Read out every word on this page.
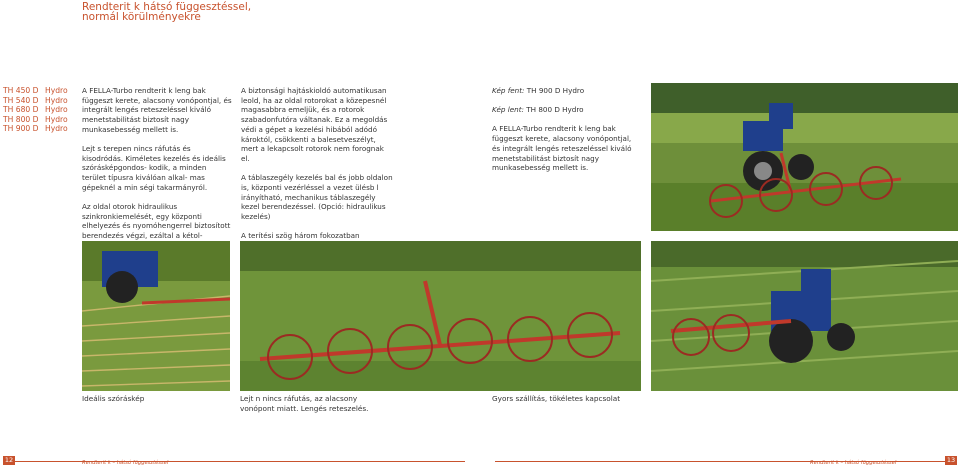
Rendterit k hátsó függesztéssel,
normál körülményekre
TH 450 D Hydro
TH 540 D Hydro
TH 680 D Hydro
TH 800 D Hydro
TH 900 D Hydro

A FELLA-Turbo rendterit k leng bak függeszt kerete, alacsony vonópontjal, és integrált lengés reteszeléssel kiváló menetstabilitást biztosít nagy munkasebesség mellett is.

Lejt s terepen nincs ráfutás és kisodródás. Kiméletes kezelés és ideális szórásképgondos- kodik, a minden terület típusra kiválóan alkal- mas gépeknél a min ségi takarmányról.

Az oldal otorok hidraulikus szinkronkiemelését, egy központi elhelyezés és nyomóhengerrel biztosított berendezés végzi, ezáltal a kétol-

A biztonsági hajtáskioldó automatikusan leold, ha az oldal rotorokat a közepesnél magasabbra emeljük, és a rotorok szabadonfutóra váltanak. Ez a megoldás védi a gépet a kezelési hibából adódó károktól, csökkenti a balesetveszélyt, mert a lekapcsolt rotorok nem forognak el.

A táblaszegély kezelés bal és jobb oldalon is, központi vezérléssel a vezet ülésb l irányítható, mechanikus táblaszegély kezel berendezéssel. (Opció: hidraulikus kezelés)

A terítési szög három fokozatban

Kép fent: TH 900 D Hydro

Kép lent: TH 800 D Hydro

A FELLA-Turbo rendterit k leng bak függeszt kerete, alacsony vonópontjal, és integrált lengés reteszeléssel kiváló menetstabilitást biztosít nagy munkasebesség mellett is.

Ideális szóráskép	Lejt n nincs ráfutás, az alacsony vonópont miatt. Lengés reteszelés.
Gyors szállítás, tökéletes kapcsolat
12	Rendterit k – hátsó függesztéssel	Rendterit k – hátsó függesztéssel	13
